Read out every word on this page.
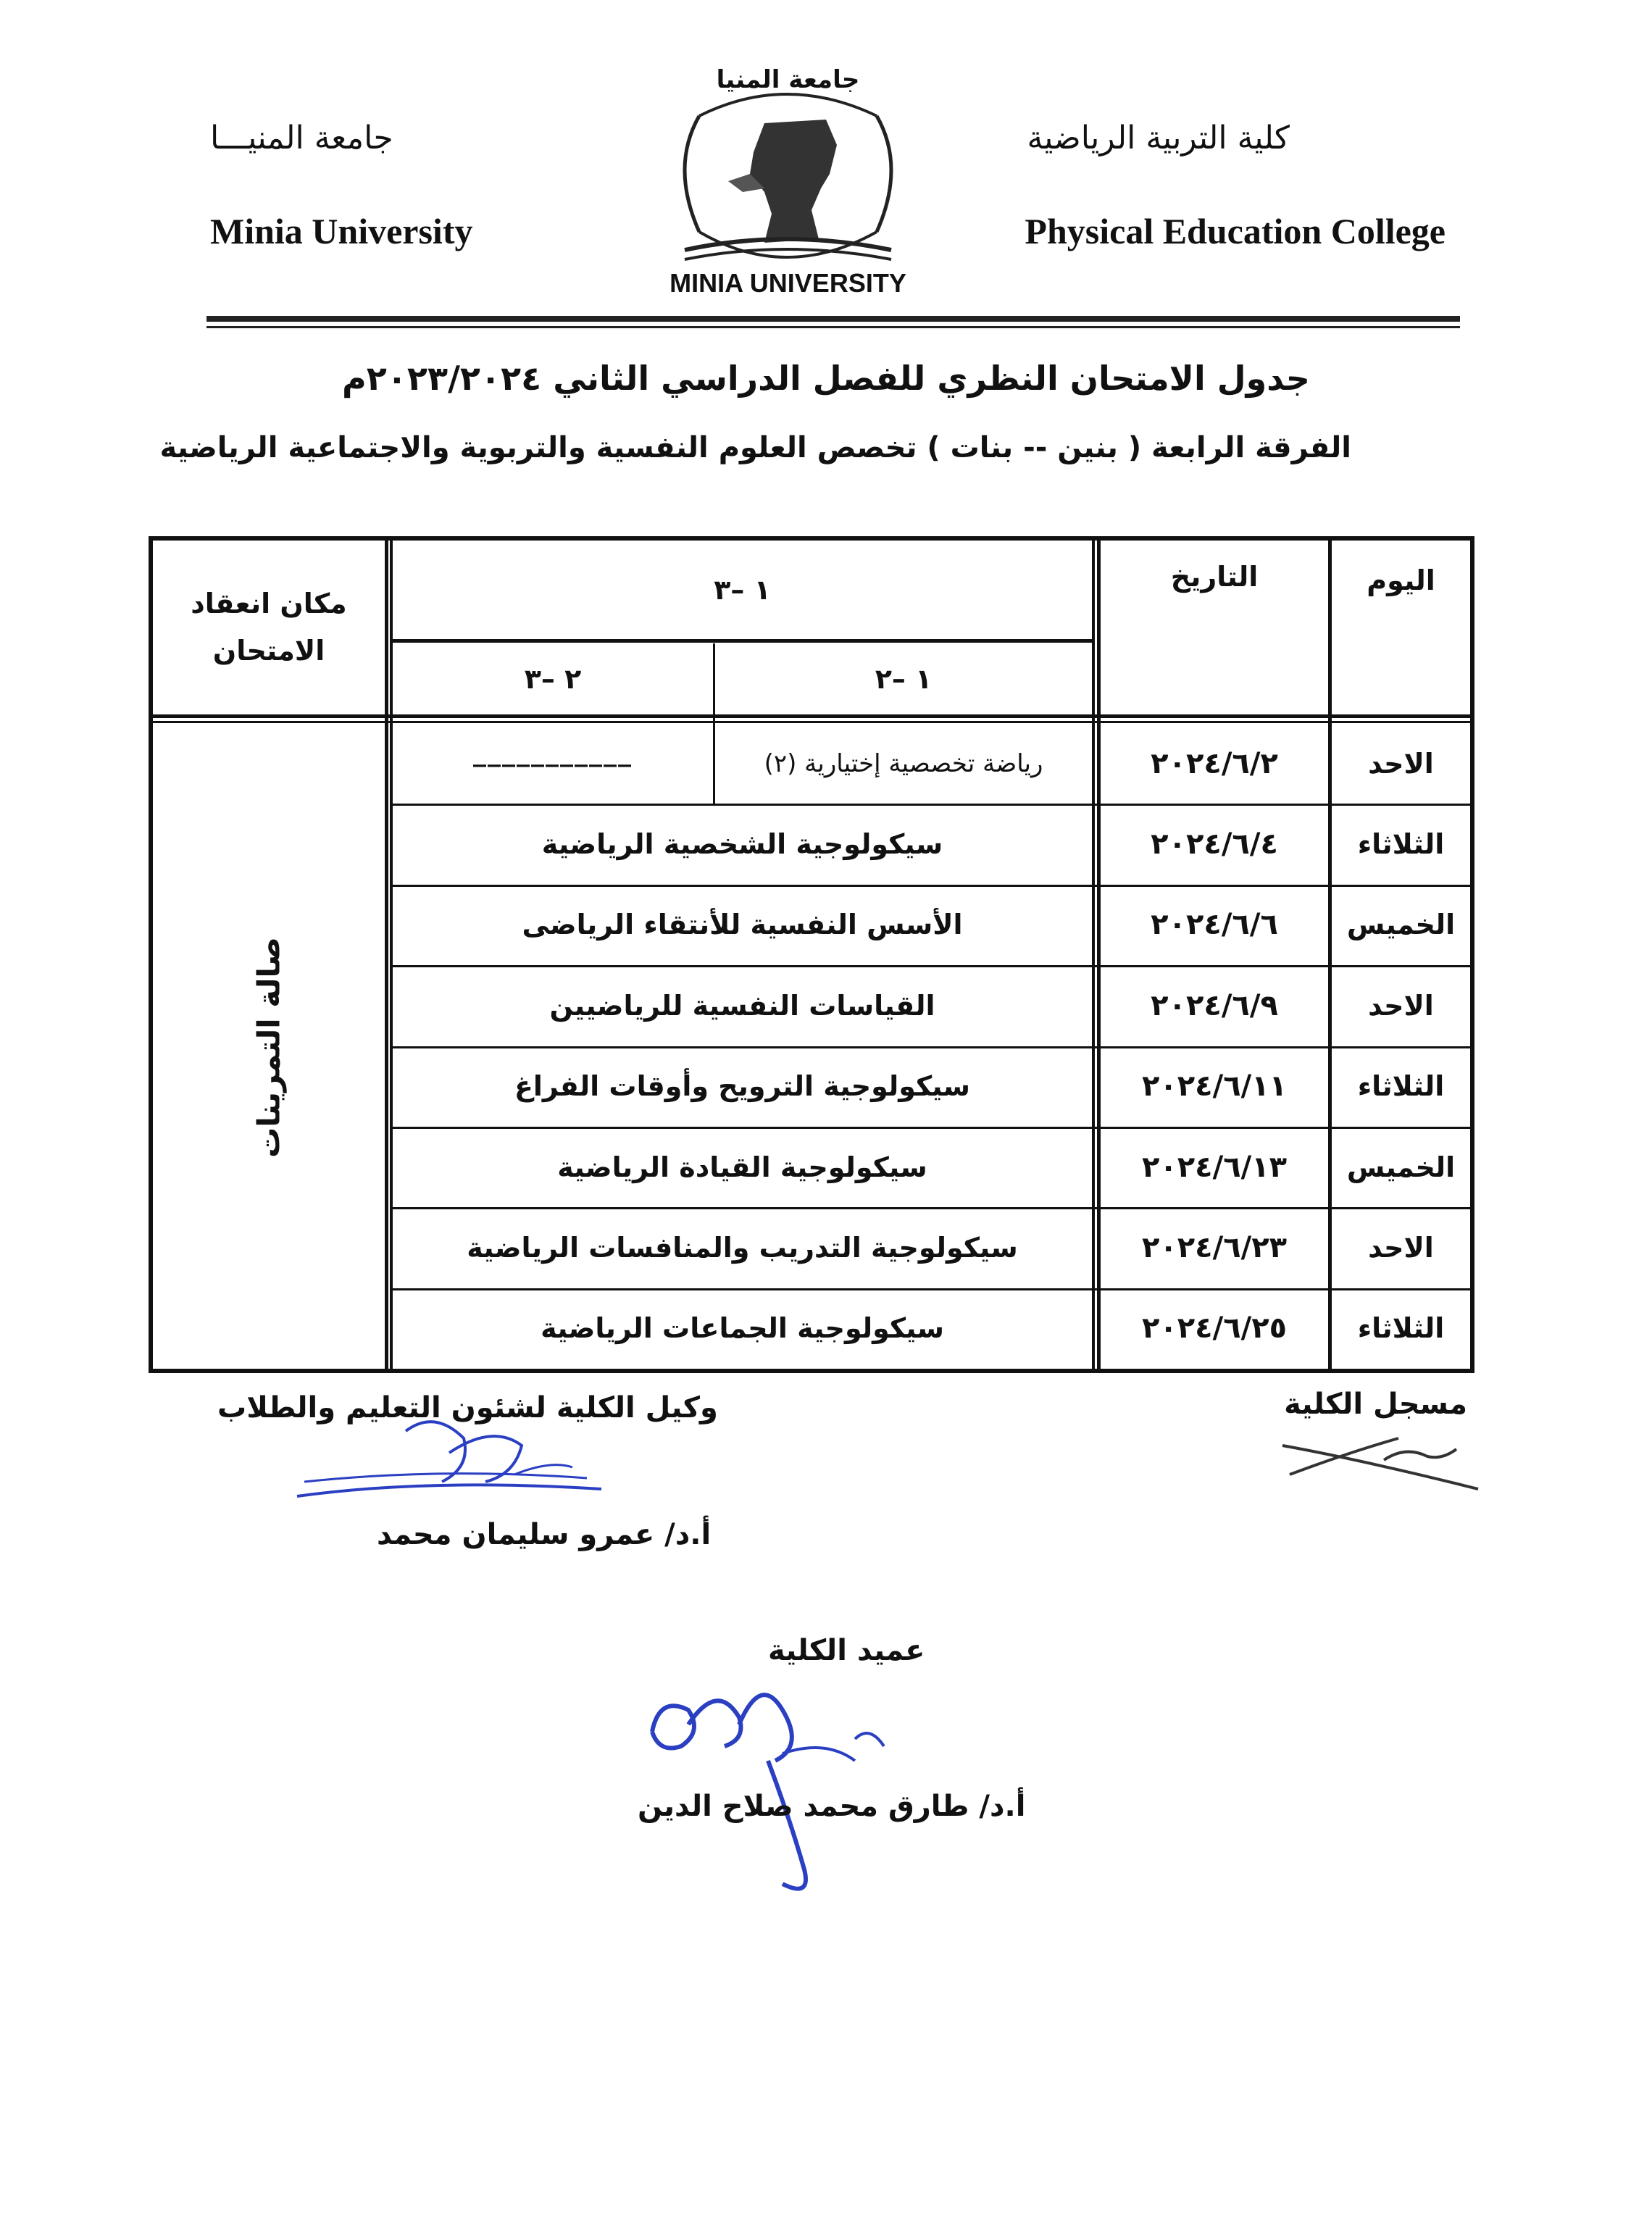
كلية التربية الرياضية
جامعة المنيـــا
Physical Education College
Minia University
جامعة المنيا
MINIA UNIVERSITY
جدول الامتحان النظري للفصل الدراسي الثاني ٢٠٢٣/٢٠٢٤م
الفرقة الرابعة ( بنين -- بنات ) تخصص العلوم النفسية والتربوية والاجتماعية الرياضية
اليوم
التاريخ
١ –٣
١ –٢
٢ –٣
مكان انعقاد الامتحان
الاحد
٢٠٢٤/٦/٢
رياضة تخصصية إختيارية (٢)
___________
الثلاثاء
٢٠٢٤/٦/٤
سيكولوجية الشخصية الرياضية
الخميس
٢٠٢٤/٦/٦
الأسس النفسية للأنتقاء الرياضى
الاحد
٢٠٢٤/٦/٩
القياسات النفسية للرياضيين
الثلاثاء
٢٠٢٤/٦/١١
سيكولوجية الترويح وأوقات الفراغ
الخميس
٢٠٢٤/٦/١٣
سيكولوجية القيادة الرياضية
الاحد
٢٠٢٤/٦/٢٣
سيكولوجية التدريب والمنافسات الرياضية
الثلاثاء
٢٠٢٤/٦/٢٥
سيكولوجية الجماعات الرياضية
صالة التمرينات
مسجل الكلية
وكيل الكلية لشئون التعليم والطلاب
أ.د/ عمرو سليمان محمد
عميد الكلية
أ.د/ طارق محمد صلاح الدين
